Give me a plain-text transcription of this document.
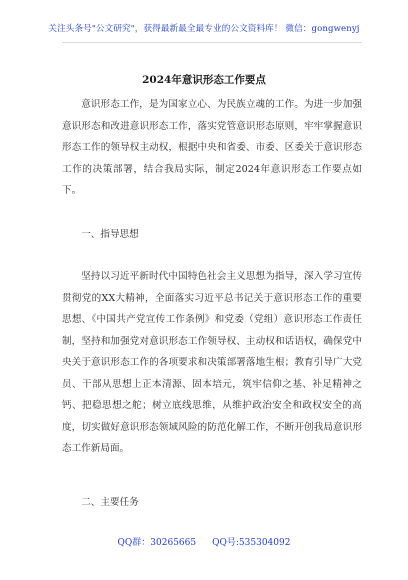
关注头条号"公文研究"，获得最新最全最专业的公文资料库！ 微信：gongwenyj
2024年意识形态工作要点

意识形态工作，是为国家立心、为民族立魂的工作。为进一步加强意识形态和改进意识形态工作，落实党管意识形态原则，牢牢掌握意识形态工作的领导权主动权，根据中央和省委、市委、区委关于意识形态工作的决策部署，结合我局实际，制定2024年意识形态工作要点如下。

一、指导思想

坚持以习近平新时代中国特色社会主义思想为指导，深入学习宣传贯彻党的XX大精神，全面落实习近平总书记关于意识形态工作的重要思想、《中国共产党宣传工作条例》和党委（党组）意识形态工作责任制，坚持和加强党对意识形态工作领导权、主动权和话语权，确保党中央关于意识形态工作的各项要求和决策部署落地生根；教育引导广大党员、干部从思想上正本清源、固本培元，筑牢信仰之基、补足精神之钙、把稳思想之舵；树立底线思维，从维护政治安全和政权安全的高度，切实做好意识形态领域风险的防范化解工作，不断开创我局意识形态工作新局面。

二、主要任务

QQ群：30265665 QQ号:535304092
